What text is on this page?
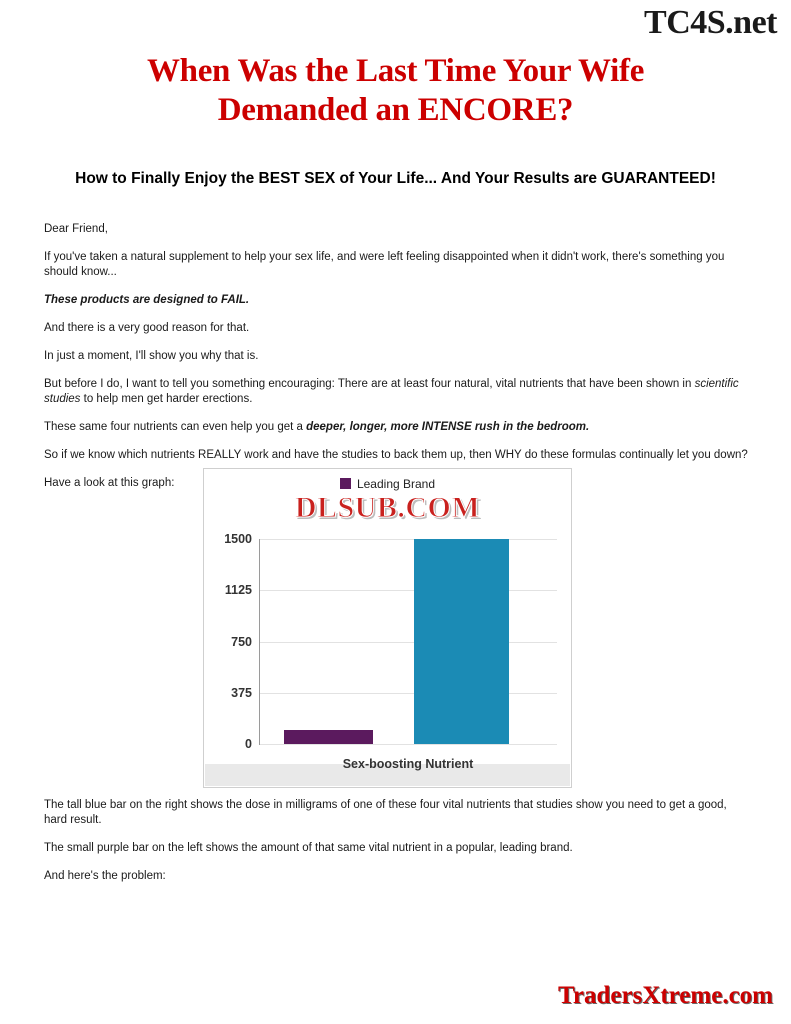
TC4S.net
When Was the Last Time Your Wife
Demanded an ENCORE?
How to Finally Enjoy the BEST SEX of Your Life... And Your Results are GUARANTEED!

Dear Friend,

If you've taken a natural supplement to help your sex life, and were left feeling disappointed when it didn't work, there's something you should know...

These products are designed to FAIL.

And there is a very good reason for that.

In just a moment, I'll show you why that is.

But before I do, I want to tell you something encouraging: There are at least four natural, vital nutrients that have been shown in scientific studies to help men get harder erections.

These same four nutrients can even help you get a deeper, longer, more INTENSE rush in the bedroom.

So if we know which nutrients REALLY work and have the studies to back them up, then WHY do these formulas continually let you down?

Have a look at this graph:	Leading Brand
DLSUB.COM
1500
1125
750
375
0
Sex-boosting Nutrient

The tall blue bar on the right shows the dose in milligrams of one of these four vital nutrients that studies show you need to get a good, hard result.

The small purple bar on the left shows the amount of that same vital nutrient in a popular, leading brand.

And here's the problem:

TradersXtreme.com
